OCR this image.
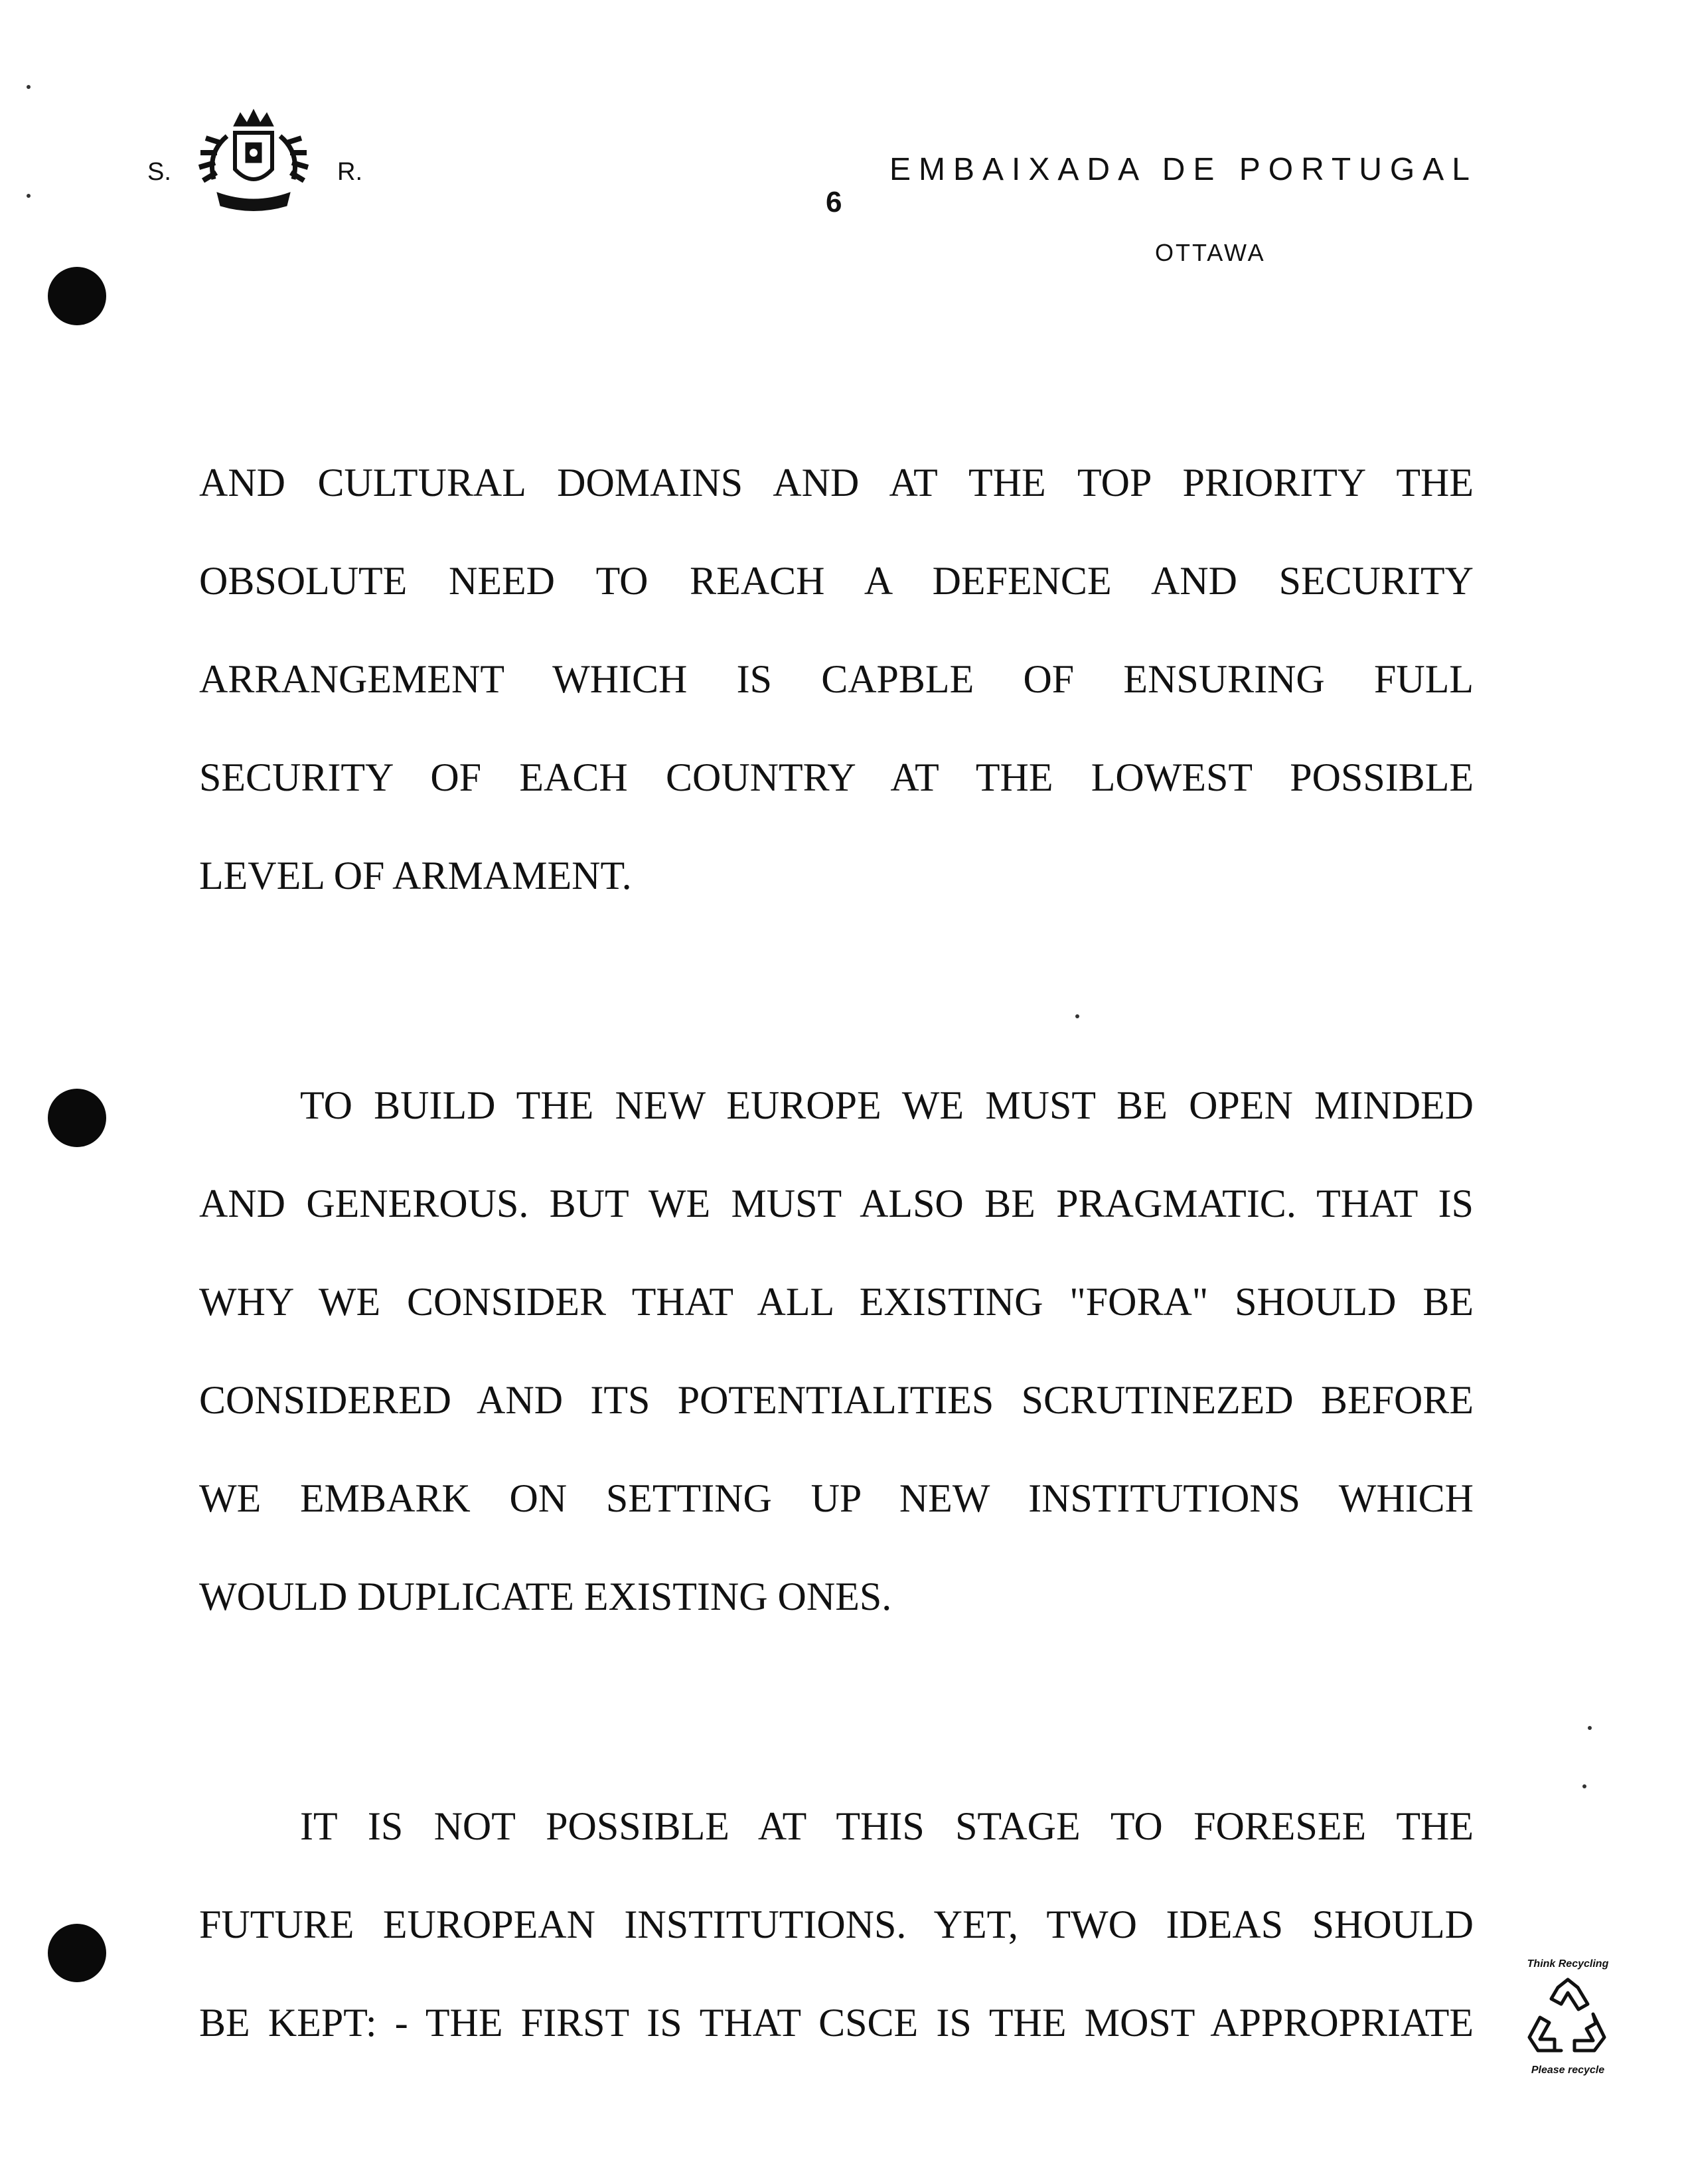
S.	R.	EMBAIXADA DE PORTUGAL
6
OTTAWA
AND CULTURAL DOMAINS AND AT THE TOP PRIORITY THE
OBSOLUTE NEED TO REACH A DEFENCE AND SECURITY
ARRANGEMENT WHICH IS CAPBLE OF ENSURING FULL
SECURITY OF EACH COUNTRY AT THE LOWEST POSSIBLE
LEVEL OF ARMAMENT.
TO BUILD THE NEW EUROPE WE MUST BE OPEN MINDED
AND GENEROUS. BUT WE MUST ALSO BE PRAGMATIC. THAT IS
WHY WE CONSIDER THAT ALL EXISTING "FORA" SHOULD BE
CONSIDERED AND ITS POTENTIALITIES SCRUTINEZED BEFORE
WE EMBARK ON SETTING UP NEW INSTITUTIONS WHICH
WOULD DUPLICATE EXISTING ONES.
IT IS NOT POSSIBLE AT THIS STAGE TO FORESEE THE
FUTURE EUROPEAN INSTITUTIONS. YET, TWO IDEAS SHOULD
BE KEPT: - THE FIRST IS THAT CSCE IS THE MOST APPROPRIATE
Think Recycling
Please recycle
